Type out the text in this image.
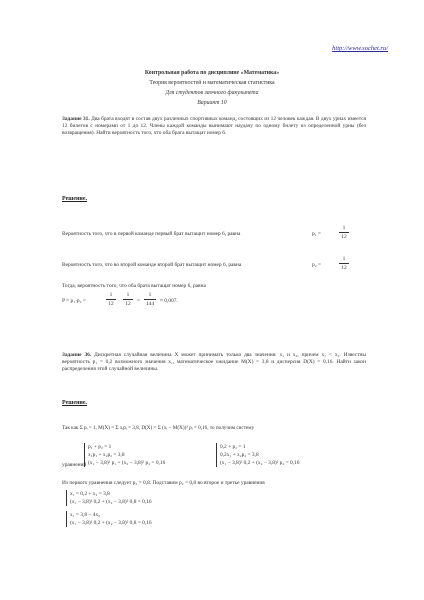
http://www.sochet.ru/
Контрольная работа по дисциплине «Математика»
Теория вероятностей и математическая статистика
Для студентов заочного факультета
Вариант 10
Задание 31. Два брата входят в состав двух различных спортивных команд, состоящих из 12 человек каждая. В двух урнах имеется 12 билетов с номерами от 1 до 12. Члены каждой команды вынимают наудачу по одному билету из определенной урны (без возвращения). Найти вероятность того, что оба брата вытащат номер 6.
Решение.
Вероятность того, что в первой команде первый брат вытащит номер 6, равна	p₁ =
1
12
Вероятность того, что во второй команде второй брат вытащит номер 6, равна	p₂ =
1
12
Тогда, вероятность того, что оба брата вытащат номер 6, равна
P = p₁·p₂ =
1
12 ·
1
12	=
1
144	≈ 0,007.
Задание 36. Дискретная случайная величина X может принимать только два значения: x₁ и x₂, причем x₁ < x₂. Известны вероятность p₁ = 0,2 возможного значения x₁, математическое ожидание M(X) = 3,8 и дисперсия D(X) = 0,16. Найти закон распределения этой случайной величины.
Решение.
Так как Σ pᵢ = 1, M(X) = Σ xᵢpᵢ = 3,8, D(X) = Σ (xᵢ − M(X))² pᵢ = 0,16, то получим систему
уравнений
p₁ + p₂ = 1
x₁p₁ + x₂p₂ = 3,8
(x₁ − 3,8)² p₁ + (x₂ − 3,8)² p₂ = 0,16
0,2 + p₂ = 1
0,2x₁ + x₂p₂ = 3,8
(x₁ − 3,8)² 0,2 + (x₂ − 3,8)² p₂ = 0,16
Из первого уравнения следует p₂ = 0,8. Подставим p₂ = 0,8 во второе и третье уравнения
x₁ = 0,2 + x₂ = 3,8
(x₁ − 3,8)² 0,2 + (x₂ − 3,8)² 0,8 = 0,16
x₁ = 3,8 − 4x₂
(x₁ − 3,8)² 0,2 + (x₂ − 3,8)² 0,8 = 0,16
